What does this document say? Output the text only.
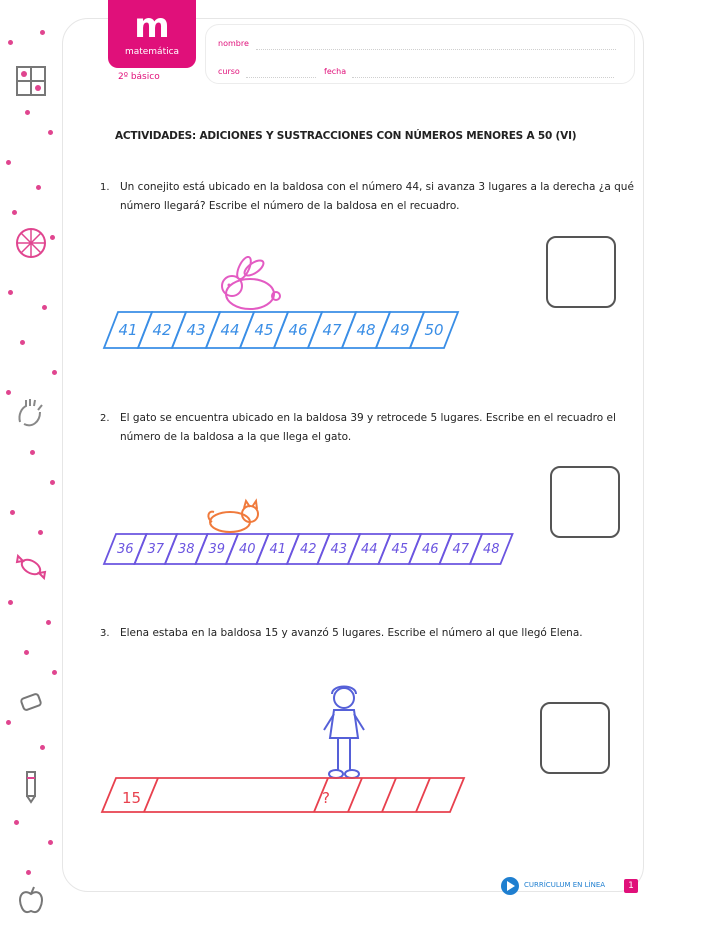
m
matemática
2º básico
nombre
curso	fecha
ACTIVIDADES: ADICIONES Y SUSTRACCIONES CON NÚMEROS MENORES A 50 (VI)
1. Un conejito está ubicado en la baldosa con el número 44, si avanza 3 lugares a la derecha ¿a qué número llegará? Escribe el número de la baldosa en el recuadro.
41 42 43 44 45 46 47 48 49 50
2. El gato se encuentra ubicado en la baldosa 39 y retrocede 5 lugares. Escribe en el recuadro el número de la baldosa a la que llega el gato.
36 37 38 39 40 41 42 43 44 45 46 47 48
3. Elena estaba en la baldosa 15 y avanzó 5 lugares. Escribe el número al que llegó Elena.
15	?
CURRÍCULUM EN LÍNEA	1
